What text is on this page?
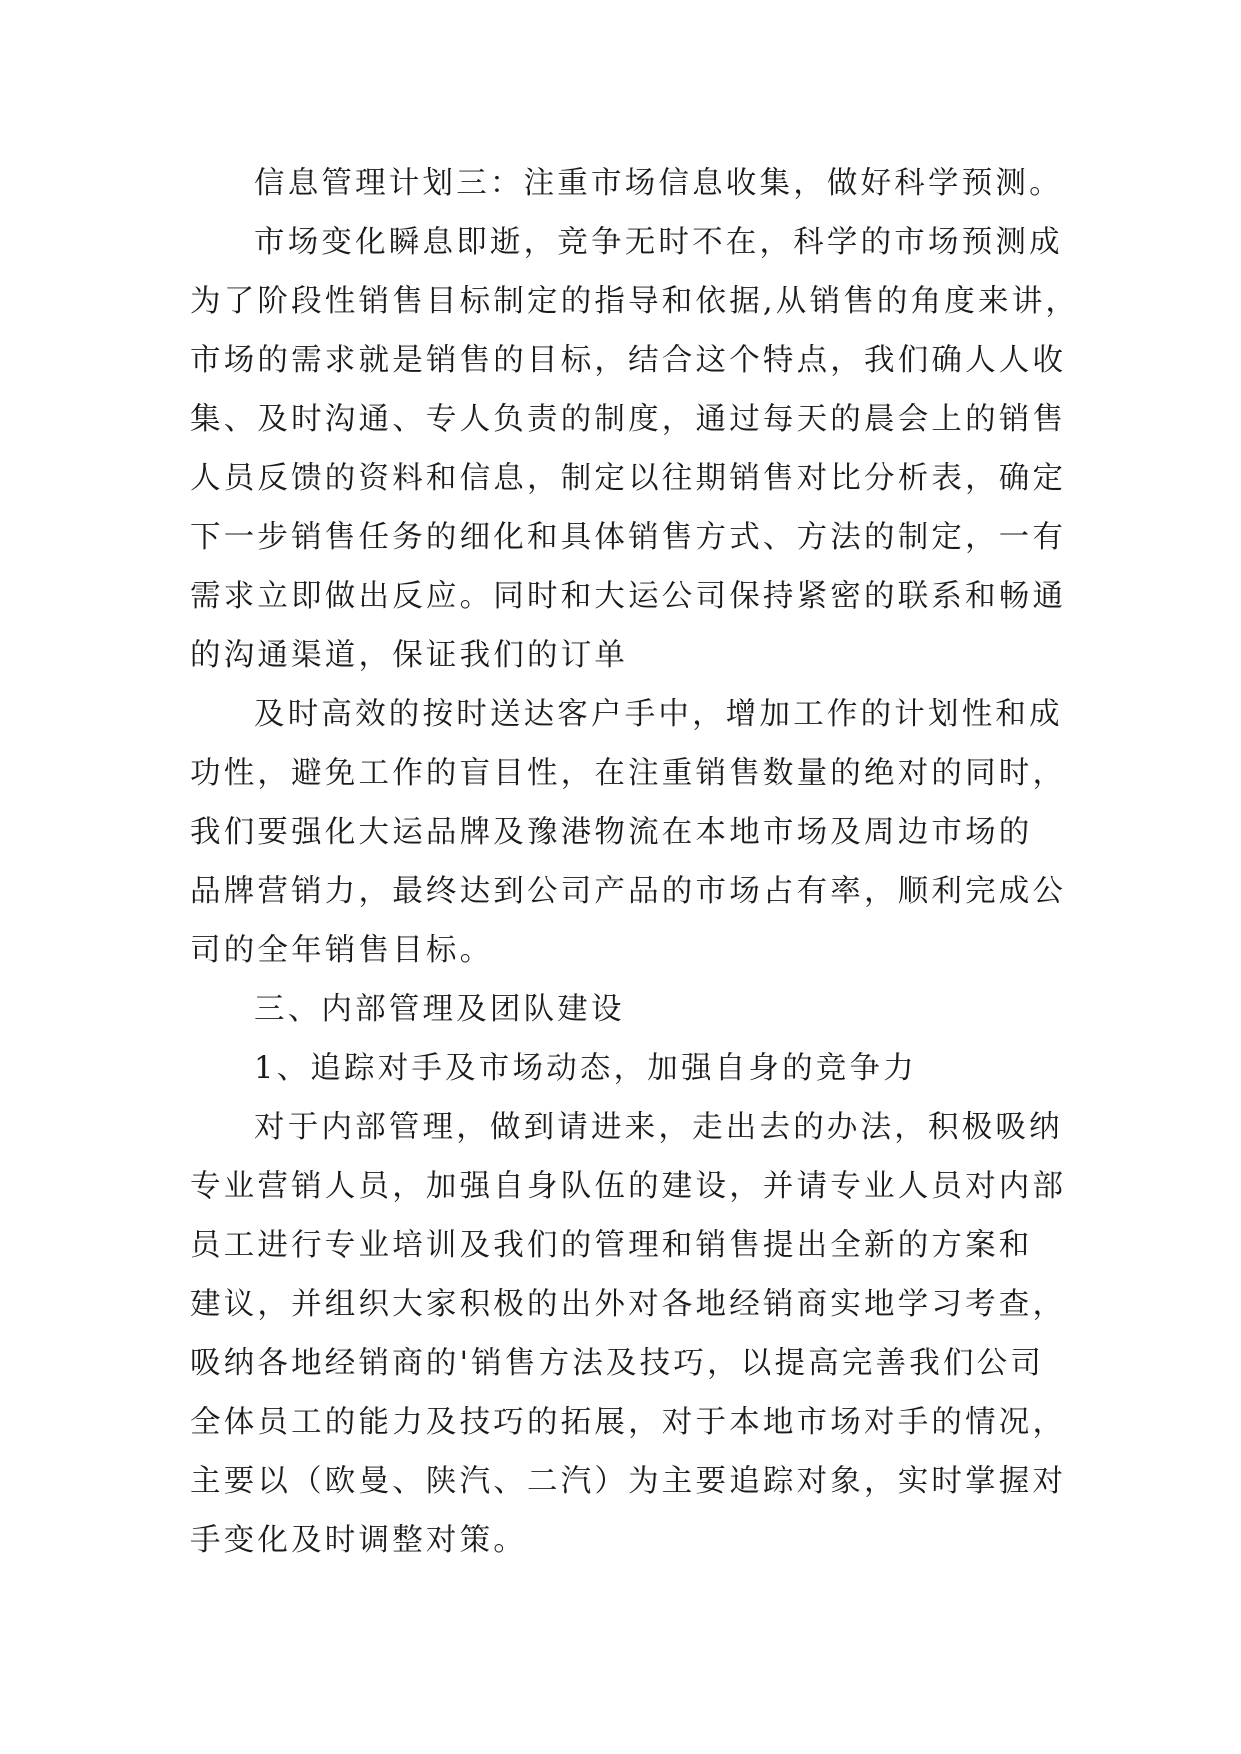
信息管理计划三：注重市场信息收集，做好科学预测。
市场变化瞬息即逝，竞争无时不在，科学的市场预测成
为了阶段性销售目标制定的指导和依据,从销售的角度来讲，
市场的需求就是销售的目标，结合这个特点，我们确人人收
集、及时沟通、专人负责的制度，通过每天的晨会上的销售
人员反馈的资料和信息，制定以往期销售对比分析表，确定
下一步销售任务的细化和具体销售方式、方法的制定，一有
需求立即做出反应。同时和大运公司保持紧密的联系和畅通
的沟通渠道，保证我们的订单
及时高效的按时送达客户手中，增加工作的计划性和成
功性，避免工作的盲目性，在注重销售数量的绝对的同时，
我们要强化大运品牌及豫港物流在本地市场及周边市场的
品牌营销力，最终达到公司产品的市场占有率，顺利完成公
司的全年销售目标。
三、内部管理及团队建设
1、追踪对手及市场动态，加强自身的竞争力
对于内部管理，做到请进来，走出去的办法，积极吸纳
专业营销人员，加强自身队伍的建设，并请专业人员对内部
员工进行专业培训及我们的管理和销售提出全新的方案和
建议，并组织大家积极的出外对各地经销商实地学习考查，
吸纳各地经销商的'销售方法及技巧，以提高完善我们公司
全体员工的能力及技巧的拓展，对于本地市场对手的情况，
主要以（欧曼、陕汽、二汽）为主要追踪对象，实时掌握对
手变化及时调整对策。
